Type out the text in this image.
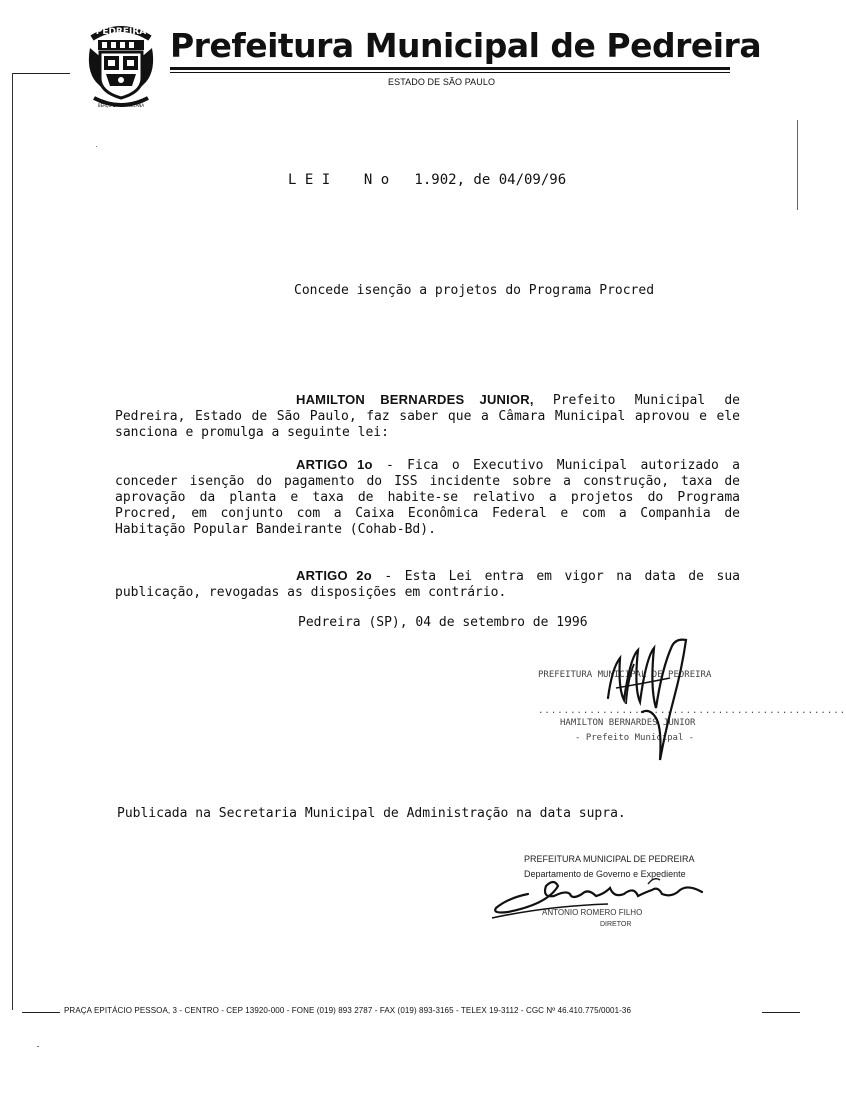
PEDREIRA
BERÇO DA PORCELANA
Prefeitura Municipal de Pedreira
ESTADO DE SÃO PAULO
L E I    N o   1.902, de 04/09/96
Concede isenção a projetos do Programa Procred
HAMILTON BERNARDES JUNIOR, Prefeito Municipal de Pedreira, Estado de São Paulo, faz saber que a Câmara Municipal aprovou e ele sanciona e promulga a seguinte lei:
ARTIGO 1o - Fica o Executivo Municipal autorizado a conceder isenção do pagamento do ISS incidente sobre a construção, taxa de aprovação da planta e taxa de habite-se relativo a projetos do Programa Procred, em conjunto com a Caixa Econômica Federal e com a Companhia de Habitação Popular Bandeirante (Cohab-Bd).
ARTIGO 2o - Esta Lei entra em vigor na data de sua publicação, revogadas as disposições em contrário.
Pedreira (SP), 04 de setembro de 1996
PREFEITURA MUNICIPAL DE PEDREIRA
................................................
HAMILTON BERNARDES JUNIOR
- Prefeito Municipal -
Publicada na Secretaria Municipal de Administração na data supra.
PREFEITURA MUNICIPAL DE PEDREIRA
Departamento de Governo e Expediente
ANTONIO ROMERO FILHO
DIRETOR
PRAÇA EPITÁCIO PESSOA, 3 - CENTRO - CEP 13920-000 - FONE (019) 893 2787 - FAX (019) 893-3165 - TELEX 19-3112 - CGC Nº 46.410.775/0001-36
